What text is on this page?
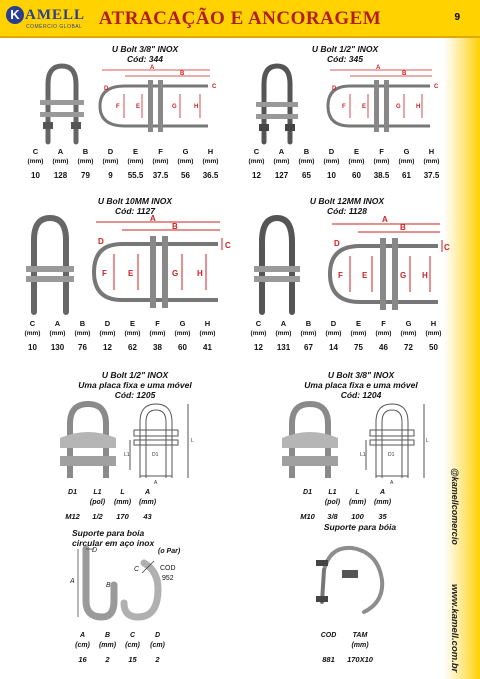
K AMELL
COMÉRCIO GLOBAL ATRACAÇÃO E ANCORAGEM	9
@kamellcomercio
www.kamell.com.br
U Bolt 3/8" INOX
Cód: 344
A
B
C
D
F	E	G	H
C	A	B	D	E	F	G	H
(mm)	(mm)	(mm)	(mm)	(mm)	(mm)	(mm)	(mm)
10	128	79	9	55.5	37.5	56	36.5
U Bolt 1/2" INOX
Cód: 345
A
B
C
D
F	E	G	H
C	A	B	D	E	F	G	H
(mm)	(mm)	(mm)	(mm)	(mm)	(mm)	(mm)	(mm)
12	127	65	10	60	38.5	61	37.5
U Bolt 10MM INOX
Cód: 1127
A
B
C
D
F	E	G H
C	A	B	D	E	F	G	H
(mm)	(mm)	(mm)	(mm)	(mm)	(mm)	(mm)	(mm)
10	130	76	12	62	38	60	41
U Bolt 12MM INOX
Cód: 1128
A
B
C
D
F E	G H
C	A	B	D	E	F	G	H
(mm)	(mm)	(mm)	(mm)	(mm)	(mm)	(mm)	(mm)
12	131	67	14	75	46	72	50
U Bolt 1/2" INOX
Uma placa fixa e uma móvel
Cód: 1205
L
L1	D1
A
D1	L1	L	A
	(pol)	(mm)	(mm)
M12	1/2	170	43
U Bolt 3/8" INOX
Uma placa fixa e uma móvel
Cód: 1204
L
L1	D1
A
D1	L1	L	A
	(pol)	(mm)	(mm)
M10	3/8	100	35
Suporte para boia
circular em aço inox
(o Par)
COD
952
A
B
C
D
A	B	C	D
(cm)	(mm)	(cm)	(cm)
16	2	15	2
Suporte para bóia
COD	TAM
	(mm)
881	170X10
